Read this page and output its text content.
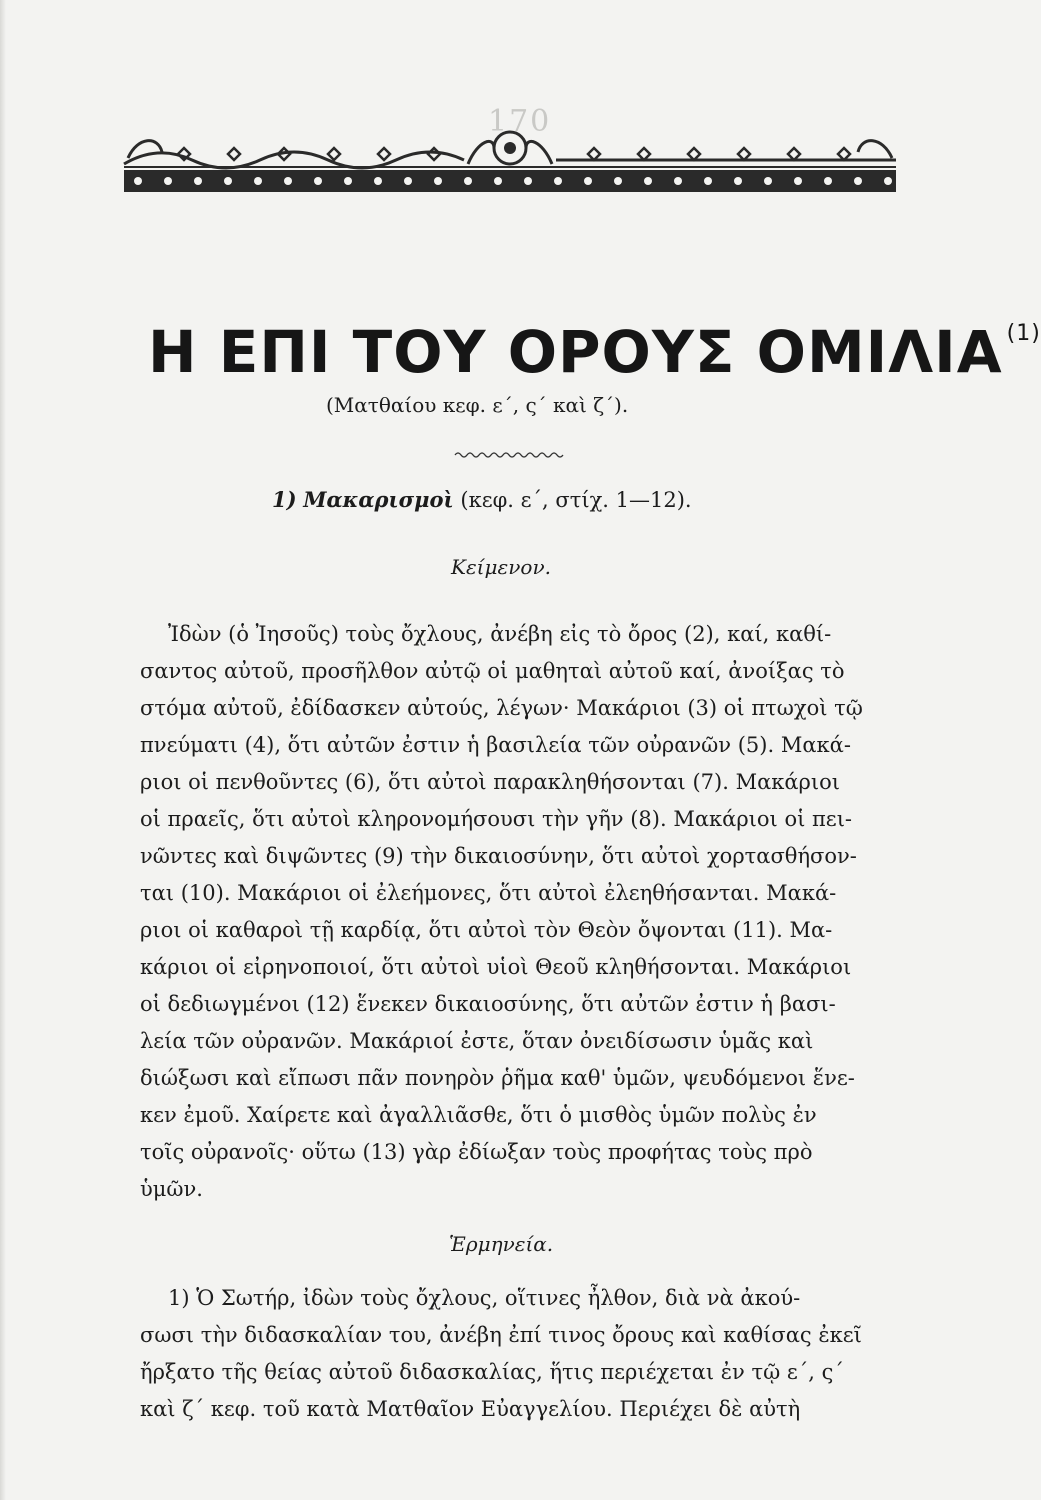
170
Η ΕΠΙ ΤΟΥ ΟΡΟΥΣ ΟΜΙΛΙΑ $^{(1)}$
(Ματθαίου κεφ. ε΄, ς΄ καὶ ζ΄).
1) Μακαρισμοὶ (κεφ. ε΄, στίχ. 1—12).
Κείμενον.
Ἰδὼν (ὁ Ἰησοῦς) τοὺς ὄχλους, ἀνέβη εἰς τὸ ὄρος (2), καί, καθί-
σαντος αὐτοῦ, προσῆλθον αὐτῷ οἱ μαθηταὶ αὐτοῦ καί, ἀνοίξας τὸ
στόμα αὐτοῦ, ἐδίδασκεν αὐτούς, λέγων· Μακάριοι (3) οἱ πτωχοὶ τῷ
πνεύματι (4), ὅτι αὐτῶν ἐστιν ἡ βασιλεία τῶν οὐρανῶν (5). Μακά-
ριοι οἱ πενθοῦντες (6), ὅτι αὐτοὶ παρακληθήσονται (7). Μακάριοι
οἱ πραεῖς, ὅτι αὐτοὶ κληρονομήσουσι τὴν γῆν (8). Μακάριοι οἱ πει-
νῶντες καὶ διψῶντες (9) τὴν δικαιοσύνην, ὅτι αὐτοὶ χορτασθήσον-
ται (10). Μακάριοι οἱ ἐλεήμονες, ὅτι αὐτοὶ ἐλεηθήσανται. Μακά-
ριοι οἱ καθαροὶ τῇ καρδίᾳ, ὅτι αὐτοὶ τὸν Θεὸν ὄψονται (11). Μα-
κάριοι οἱ εἰρηνοποιοί, ὅτι αὐτοὶ υἱοὶ Θεοῦ κληθήσονται. Μακάριοι
οἱ δεδιωγμένοι (12) ἕνεκεν δικαιοσύνης, ὅτι αὐτῶν ἐστιν ἡ βασι-
λεία τῶν οὐρανῶν. Μακάριοί ἐστε, ὅταν ὀνειδίσωσιν ὑμᾶς καὶ
διώξωσι καὶ εἴπωσι πᾶν πονηρὸν ῥῆμα καθ' ὑμῶν, ψευδόμενοι ἕνε-
κεν ἐμοῦ. Χαίρετε καὶ ἀγαλλιᾶσθε, ὅτι ὁ μισθὸς ὑμῶν πολὺς ἐν
τοῖς οὐρανοῖς· οὕτω (13) γὰρ ἐδίωξαν τοὺς προφήτας τοὺς πρὸ
ὑμῶν.
Ἑρμηνεία.
1) Ὁ Σωτήρ, ἰδὼν τοὺς ὄχλους, οἵτινες ἦλθον, διὰ νὰ ἀκού-
σωσι τὴν διδασκαλίαν του, ἀνέβη ἐπί τινος ὄρους καὶ καθίσας ἐκεῖ
ἤρξατο τῆς θείας αὐτοῦ διδασκαλίας, ἥτις περιέχεται ἐν τῷ ε΄, ς΄
καὶ ζ΄ κεφ. τοῦ κατὰ Ματθαῖον Εὐαγγελίου. Περιέχει δὲ αὐτὴ
